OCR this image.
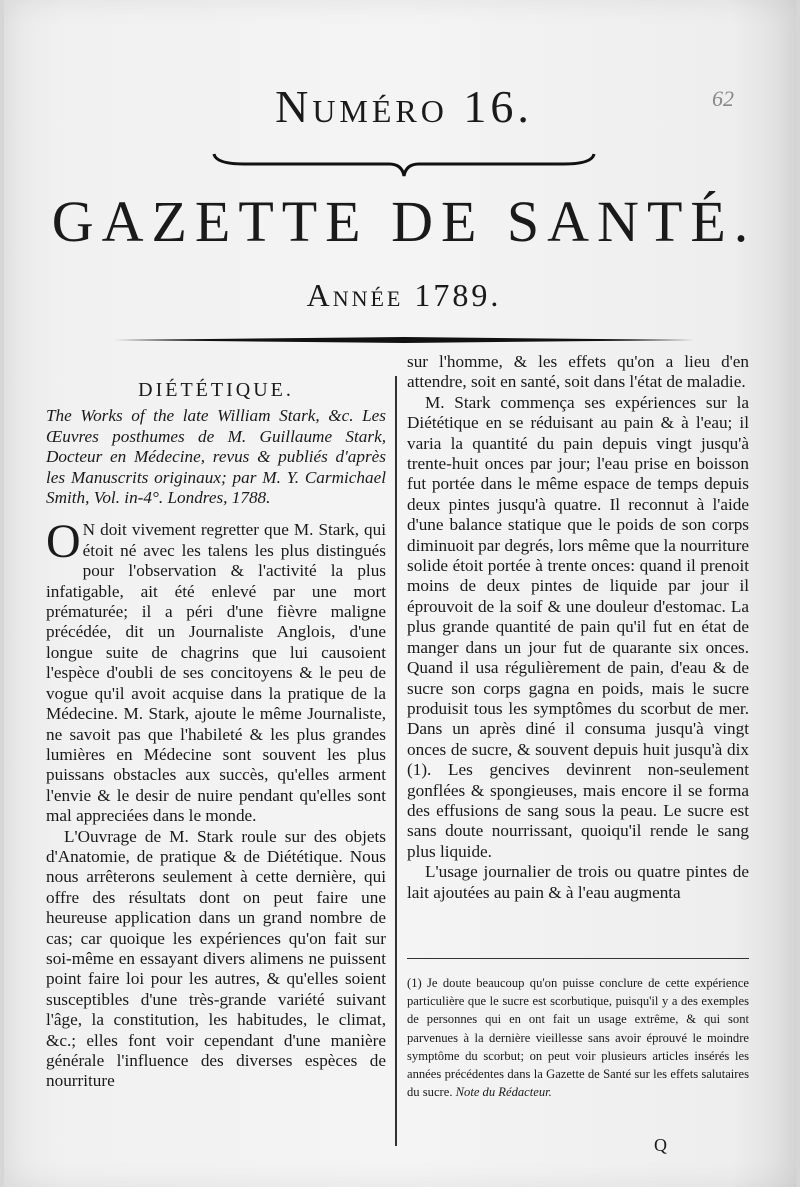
62
Numéro 16.
GAZETTE DE SANTÉ.
Année 1789.
DIÉTÉTIQUE.

The Works of the late William Stark, &c. Les Œuvres posthumes de M. Guillaume Stark, Docteur en Médecine, revus & publiés d'après les Manuscrits originaux; par M. Y. Carmichael Smith, Vol. in-4°. Londres, 1788.

O N doit vivement regretter que M. Stark, qui étoit né avec les talens les plus distingués pour l'observation & l'activité la plus infatigable, ait été enlevé par une mort prématurée; il a péri d'une fièvre maligne précédée, dit un Journaliste Anglois, d'une longue suite de chagrins que lui causoient l'espèce d'oubli de ses concitoyens & le peu de vogue qu'il avoit acquise dans la pratique de la Médecine. M. Stark, ajoute le même Journaliste, ne savoit pas que l'habileté & les plus grandes lumières en Médecine sont souvent les plus puissans obstacles aux succès, qu'elles arment l'envie & le desir de nuire pendant qu'elles sont mal appreciées dans le monde.

L'Ouvrage de M. Stark roule sur des objets d'Anatomie, de pratique & de Diététique. Nous nous arrêterons seulement à cette dernière, qui offre des résultats dont on peut faire une heureuse application dans un grand nombre de cas; car quoique les expériences qu'on fait sur soi-même en essayant divers alimens ne puissent point faire loi pour les autres, & qu'elles soient susceptibles d'une très-grande variété suivant l'âge, la constitution, les habitudes, le climat, &c.; elles font voir cependant d'une manière générale l'influence des diverses espèces de nourriture

sur l'homme, & les effets qu'on a lieu d'en attendre, soit en santé, soit dans l'état de maladie.

M. Stark commença ses expériences sur la Diététique en se réduisant au pain & à l'eau; il varia la quantité du pain depuis vingt jusqu'à trente-huit onces par jour; l'eau prise en boisson fut portée dans le même espace de temps depuis deux pintes jusqu'à quatre. Il reconnut à l'aide d'une balance statique que le poids de son corps diminuoit par degrés, lors même que la nourriture solide étoit portée à trente onces: quand il prenoit moins de deux pintes de liquide par jour il éprouvoit de la soif & une douleur d'estomac. La plus grande quantité de pain qu'il fut en état de manger dans un jour fut de quarante six onces. Quand il usa régulièrement de pain, d'eau & de sucre son corps gagna en poids, mais le sucre produisit tous les symptômes du scorbut de mer. Dans un après diné il consuma jusqu'à vingt onces de sucre, & souvent depuis huit jusqu'à dix (1). Les gencives devinrent non-seulement gonflées & spongieuses, mais encore il se forma des effusions de sang sous la peau. Le sucre est sans doute nourrissant, quoiqu'il rende le sang plus liquide.

L'usage journalier de trois ou quatre pintes de lait ajoutées au pain & à l'eau augmenta

(1) Je doute beaucoup qu'on puisse conclure de cette expérience particulière que le sucre est scorbutique, puisqu'il y a des exemples de personnes qui en ont fait un usage extrême, & qui sont parvenues à la dernière vieillesse sans avoir éprouvé le moindre symptôme du scorbut; on peut voir plusieurs articles insérés les années précédentes dans la Gazette de Santé sur les effets salutaires du sucre. Note du Rédacteur.
Q
